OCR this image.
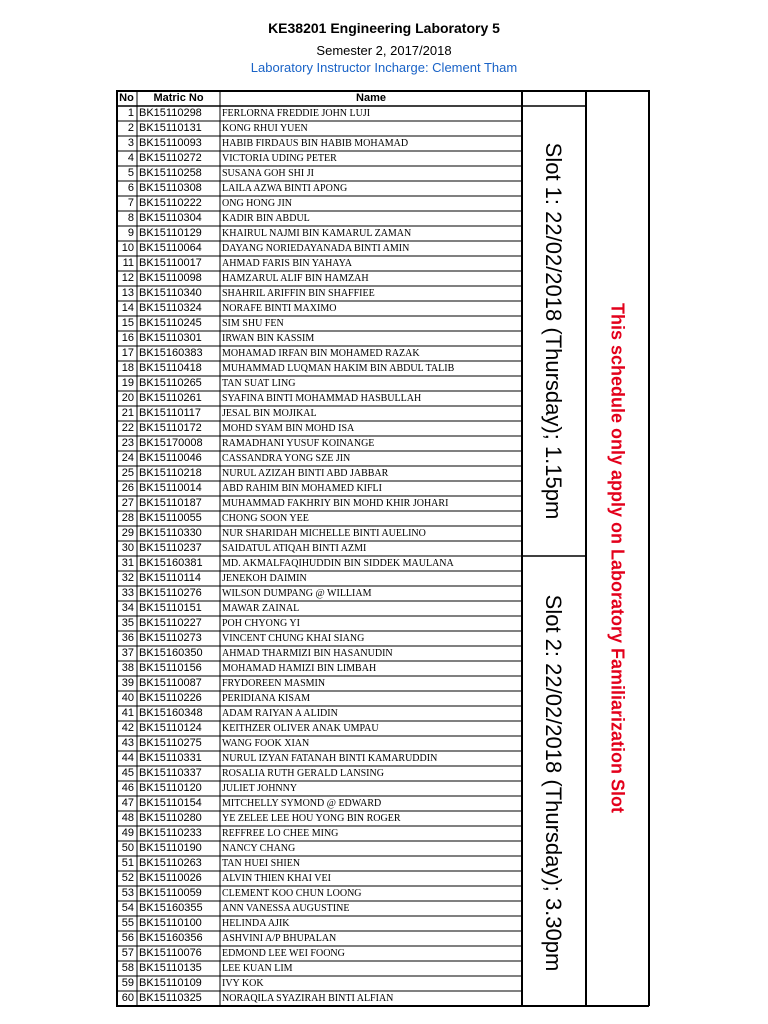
KE38201 Engineering Laboratory 5
Semester 2, 2017/2018
Laboratory Instructor Incharge: Clement Tham
No	Matric No	Name
1 BK15110298	FERLORNA FREDDIE JOHN LUJI
2 BK15110131	KONG RHUI YUEN
3 BK15110093	HABIB FIRDAUS BIN HABIB MOHAMAD
4 BK15110272	VICTORIA UDING PETER
5 BK15110258	SUSANA GOH SHI JI
6 BK15110308	LAILA AZWA BINTI APONG
7 BK15110222	ONG HONG JIN
8 BK15110304	KADIR BIN ABDUL
9 BK15110129	KHAIRUL NAJMI BIN KAMARUL ZAMAN
10 BK15110064	DAYANG NORIEDAYANADA BINTI AMIN
11 BK15110017	AHMAD FARIS BIN YAHAYA
12 BK15110098	HAMZARUL ALIF BIN HAMZAH
13 BK15110340	SHAHRIL ARIFFIN BIN SHAFFIEE
14 BK15110324	NORAFE BINTI MAXIMO
15 BK15110245	SIM SHU FEN
16 BK15110301	IRWAN BIN KASSIM
17 BK15160383	MOHAMAD IRFAN BIN MOHAMED RAZAK
18 BK15110418	MUHAMMAD LUQMAN HAKIM BIN ABDUL TALIB
19 BK15110265	TAN SUAT LING
20 BK15110261	SYAFINA BINTI MOHAMMAD HASBULLAH
21 BK15110117	JESAL BIN MOJIKAL
22 BK15110172	MOHD SYAM BIN MOHD ISA
23 BK15170008	RAMADHANI YUSUF KOINANGE
24 BK15110046	CASSANDRA YONG SZE JIN
25 BK15110218	NURUL AZIZAH BINTI ABD JABBAR
26 BK15110014	ABD RAHIM BIN MOHAMED KIFLI
27 BK15110187	MUHAMMAD FAKHRIY BIN MOHD KHIR JOHARI
28 BK15110055	CHONG SOON YEE
29 BK15110330	NUR SHARIDAH MICHELLE BINTI AUELINO
30 BK15110237	SAIDATUL ATIQAH BINTI AZMI
31 BK15160381	MD. AKMALFAQIHUDDIN BIN SIDDEK MAULANA
32 BK15110114	JENEKOH DAIMIN
33 BK15110276	WILSON DUMPANG @ WILLIAM
34 BK15110151	MAWAR ZAINAL
35 BK15110227	POH CHYONG YI
36 BK15110273	VINCENT CHUNG KHAI SIANG
37 BK15160350	AHMAD THARMIZI BIN HASANUDIN
38 BK15110156	MOHAMAD HAMIZI BIN LIMBAH
39 BK15110087	FRYDOREEN MASMIN
40 BK15110226	PERIDIANA KISAM
41 BK15160348	ADAM RAIYAN A ALIDIN
42 BK15110124	KEITHZER OLIVER ANAK UMPAU
43 BK15110275	WANG FOOK XIAN
44 BK15110331	NURUL IZYAN FATANAH BINTI KAMARUDDIN
45 BK15110337	ROSALIA RUTH GERALD LANSING
46 BK15110120	JULIET JOHNNY
47 BK15110154	MITCHELLY SYMOND @ EDWARD
48 BK15110280	YE ZELEE LEE HOU YONG BIN ROGER
49 BK15110233	REFFREE LO CHEE MING
50 BK15110190	NANCY CHANG
51 BK15110263	TAN HUEI SHIEN
52 BK15110026	ALVIN THIEN KHAI VEI
53 BK15110059	CLEMENT KOO CHUN LOONG
54 BK15160355	ANN VANESSA AUGUSTINE
55 BK15110100	HELINDA AJIK
56 BK15160356	ASHVINI A/P BHUPALAN
57 BK15110076	EDMOND LEE WEI FOONG
58 BK15110135	LEE KUAN LIM
59 BK15110109	IVY KOK
60 BK15110325	NORAQILA SYAZIRAH BINTI ALFIAN
Slot 1: 22/02/2018 (Thursday); 1.15pm
Slot 2: 22/02/2018 (Thursday); 3.30pm This schedule only apply on Laboratory Familiarization Slot
